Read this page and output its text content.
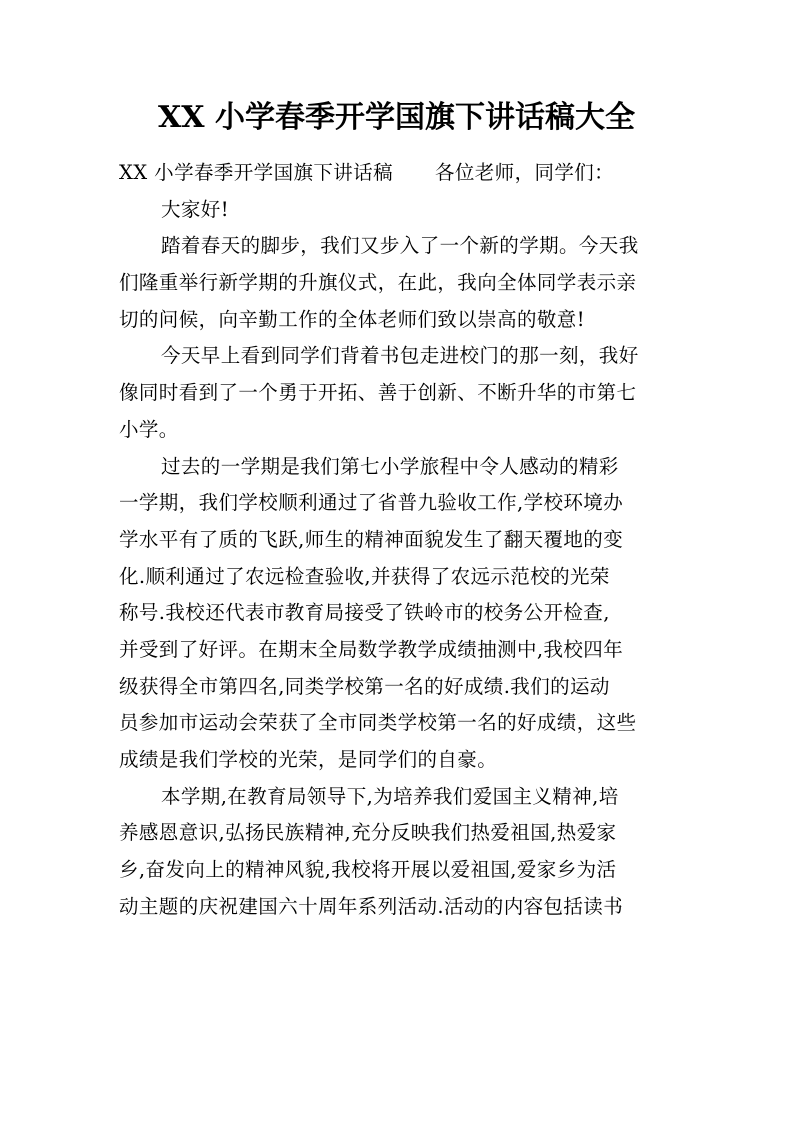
XX 小学春季开学国旗下讲话稿大全
XX 小学春季开学国旗下讲话稿 各位老师，同学们：
大家好!
踏着春天的脚步，我们又步入了一个新的学期。今天我
们隆重举行新学期的升旗仪式，在此，我向全体同学表示亲
切的问候，向辛勤工作的全体老师们致以崇高的敬意!
今天早上看到同学们背着书包走进校门的那一刻，我好
像同时看到了一个勇于开拓、善于创新、不断升华的市第七
小学。
过去的一学期是我们第七小学旅程中令人感动的精彩
一学期，我们学校顺利通过了省普九验收工作,学校环境办
学水平有了质的飞跃,师生的精神面貌发生了翻天覆地的变
化.顺利通过了农远检查验收,并获得了农远示范校的光荣
称号.我校还代表市教育局接受了铁岭市的校务公开检查,
并受到了好评。在期末全局数学教学成绩抽测中,我校四年
级获得全市第四名,同类学校第一名的好成绩.我们的运动
员参加市运动会荣获了全市同类学校第一名的好成绩，这些
成绩是我们学校的光荣，是同学们的自豪。
本学期,在教育局领导下,为培养我们爱国主义精神,培
养感恩意识,弘扬民族精神,充分反映我们热爱祖国,热爱家
乡,奋发向上的精神风貌,我校将开展以爱祖国,爱家乡为活
动主题的庆祝建国六十周年系列活动.活动的内容包括读书
